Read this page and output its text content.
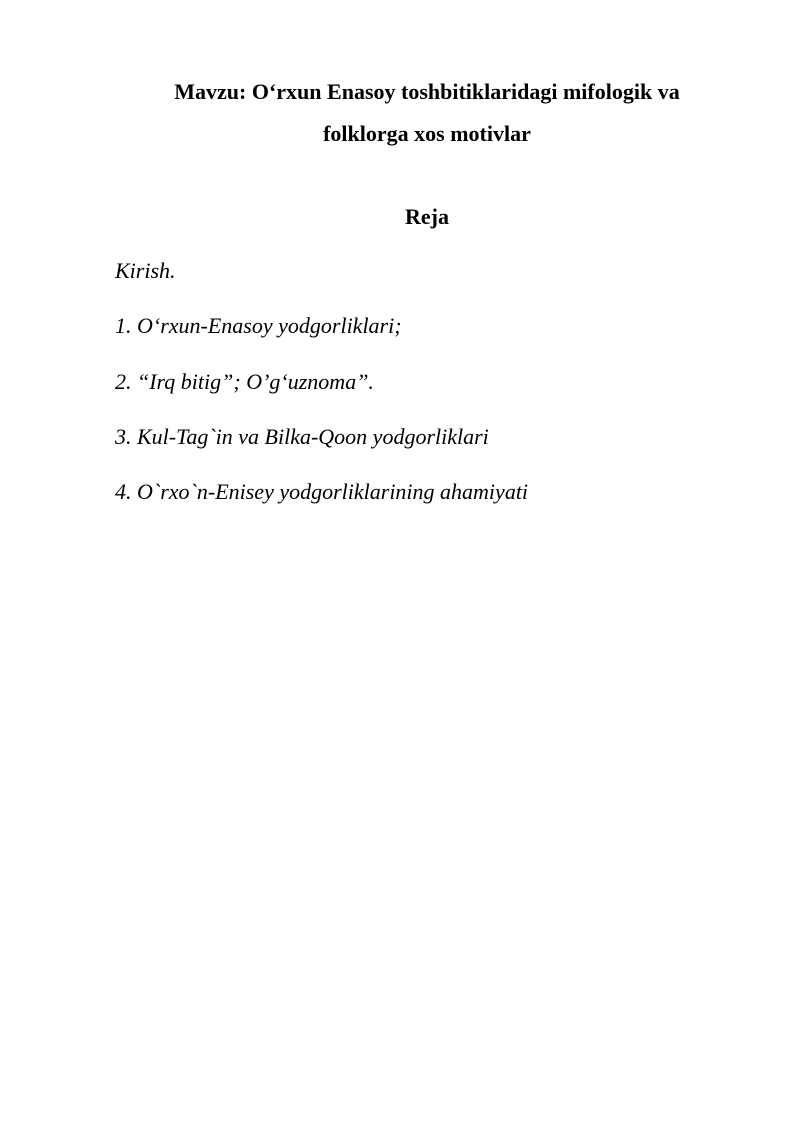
Mavzu: O‘rxun Enasoy toshbitiklaridagi mifologik va

folklorga xos motivlar

Reja

Kirish.

1. O‘rxun-Enasoy yodgorliklari;

2. “Irq bitig”; O’g‘uznoma”.

3. Kul-Tag`in va Bilka-Qoon yodgorliklari

4. O`rxo`n-Enisey yodgorliklarining ahamiyati
